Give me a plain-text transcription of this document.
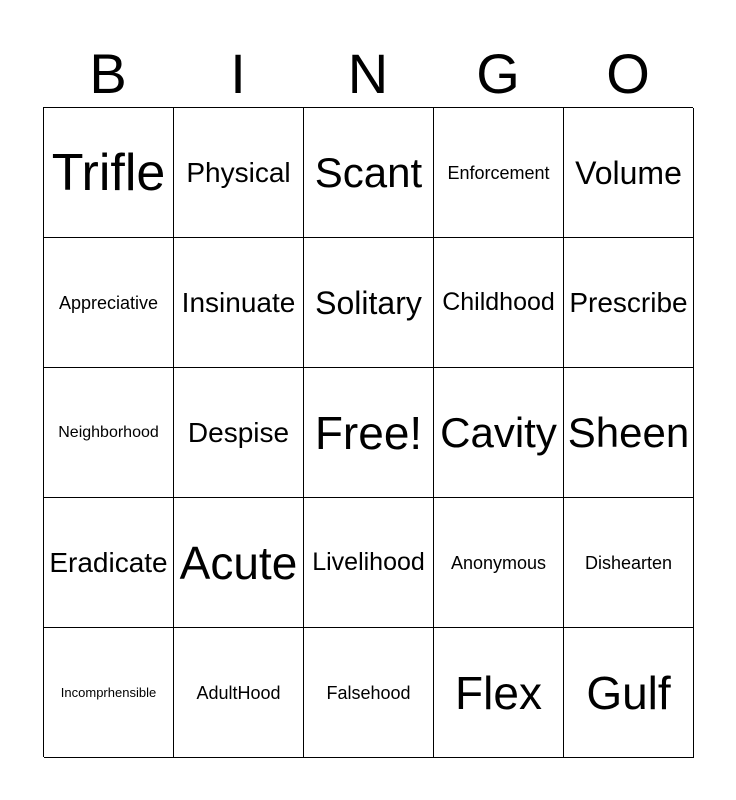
B	I	N	G	O
Trifle Physical Scant	Enforcement Volume
Appreciative Insinuate Solitary Childhood Prescribe
Neighborhood	Despise Free! Cavity Sheen
Eradicate Acute Livelihood	Anonymous	Dishearten
Incomprhensible	AdultHood	Falsehood Flex Gulf
